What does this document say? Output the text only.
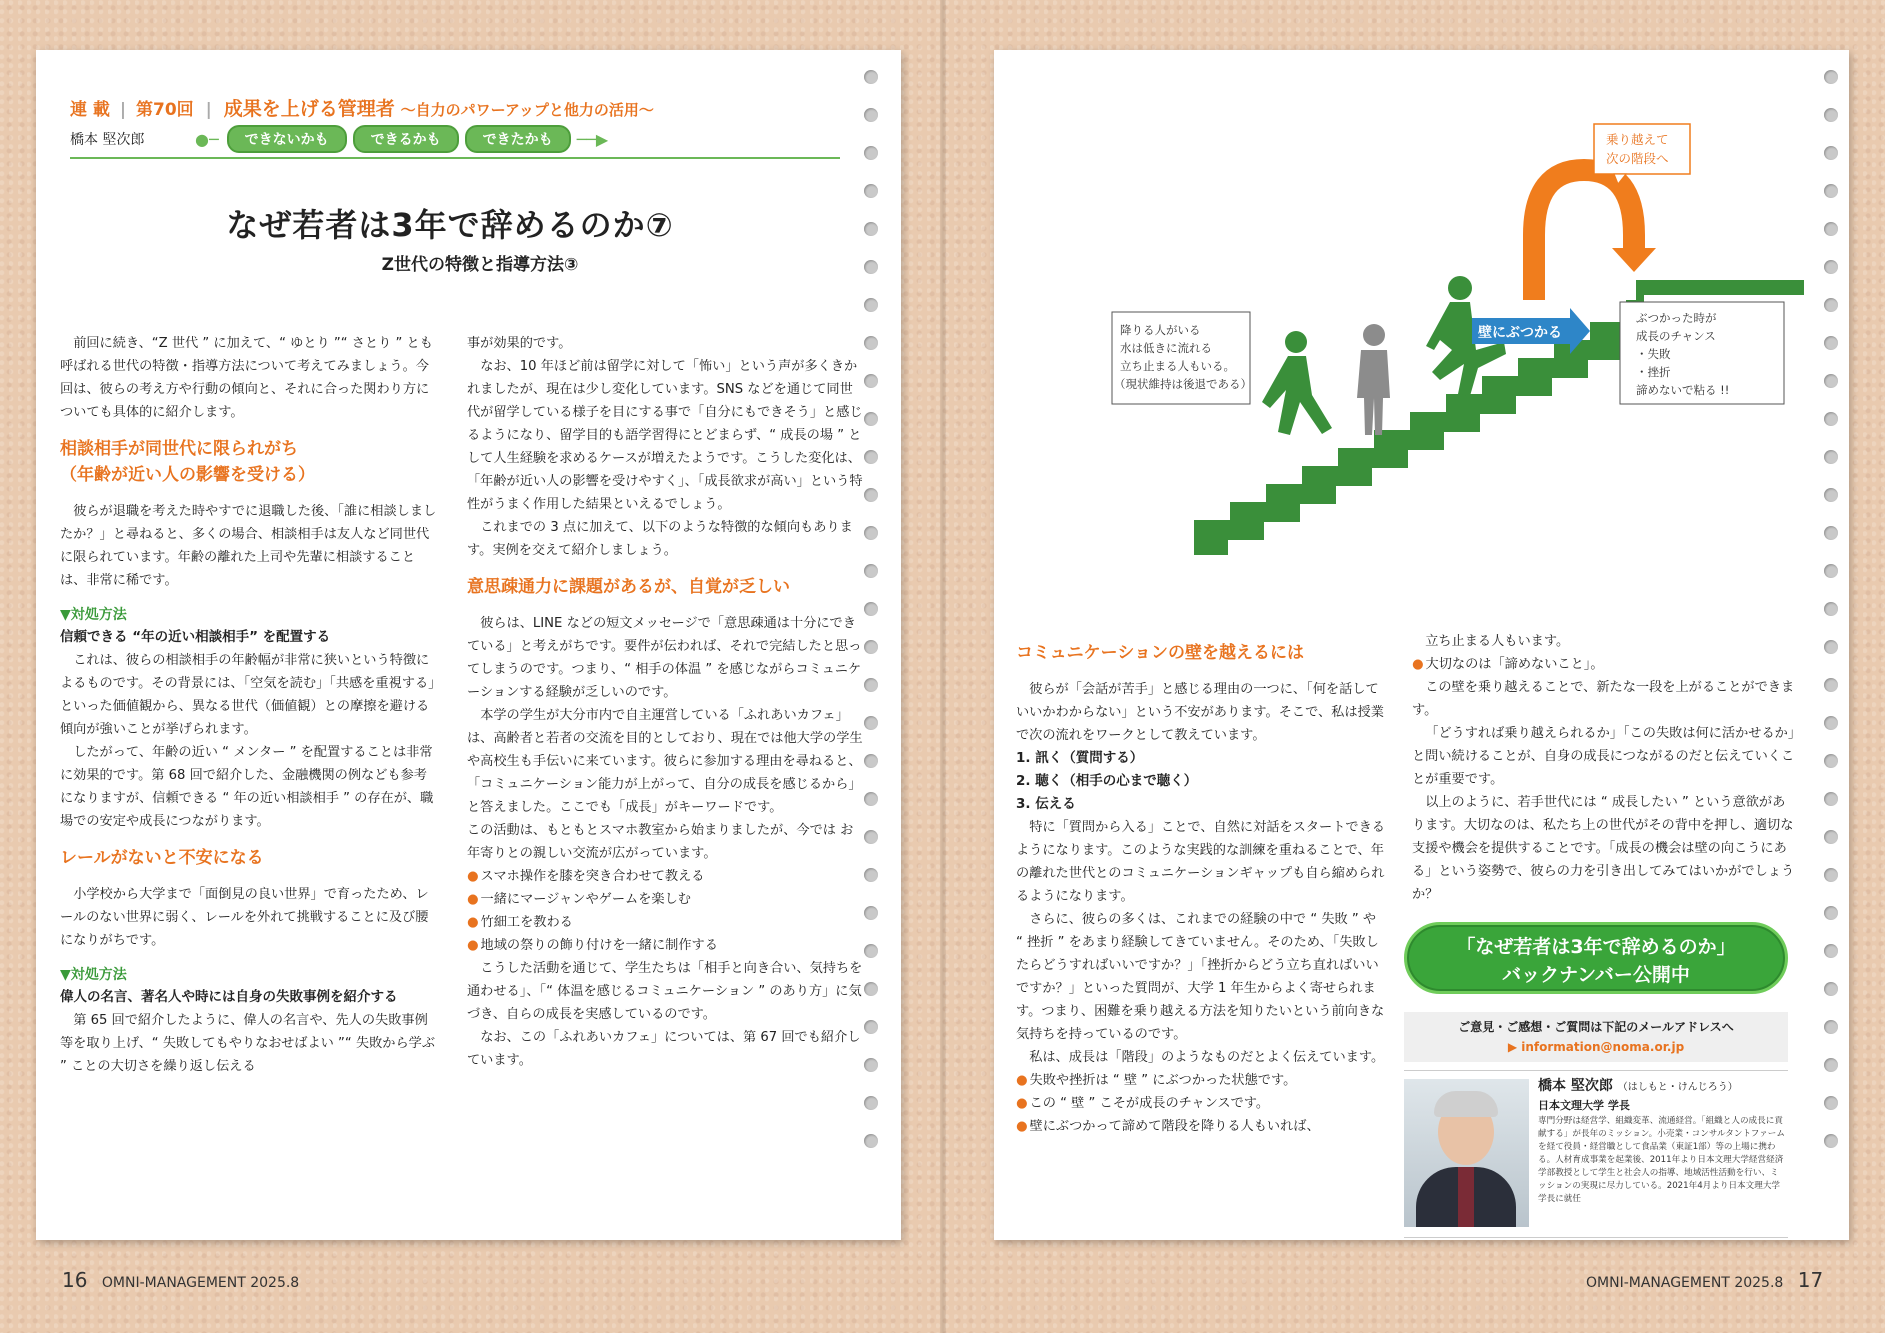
連 載 | 第70回 | 成果を上げる管理者 ～自力のパワーアップと他力の活用～
橋本 堅次郎	●─	できないかも	できるかも	できたかも	──▶
なぜ若者は3年で辞めるのか⑦
Z世代の特徴と指導方法③

前回に続き、“Z 世代 ” に加えて、“ ゆとり ”“ さとり ” とも呼ばれる世代の特徴・指導方法について考えてみましょう。今回は、彼らの考え方や行動の傾向と、それに合った関わり方についても具体的に紹介します。

相談相手が同世代に限られがち
（年齢が近い人の影響を受ける）

彼らが退職を考えた時やすでに退職した後、「誰に相談しましたか？」と尋ねると、多くの場合、相談相手は友人など同世代に限られています。年齢の離れた上司や先輩に相談することは、非常に稀です。

▼対処方法
信頼できる “年の近い相談相手” を配置する

これは、彼らの相談相手の年齢幅が非常に狭いという特徴によるものです。その背景には、「空気を読む」「共感を重視する」といった価値観から、異なる世代（価値観）との摩擦を避ける傾向が強いことが挙げられます。

したがって、年齢の近い “ メンター ” を配置することは非常に効果的です。第 68 回で紹介した、金融機関の例なども参考になりますが、信頼できる “ 年の近い相談相手 ” の存在が、職場での安定や成長につながります。

レールがないと不安になる

小学校から大学まで「面倒見の良い世界」で育ったため、レールのない世界に弱く、レールを外れて挑戦することに及び腰になりがちです。

▼対処方法
偉人の名言、著名人や時には自身の失敗事例を紹介する

第 65 回で紹介したように、偉人の名言や、先人の失敗事例等を取り上げ、“ 失敗してもやりなおせばよい ”“ 失敗から学ぶ ” ことの大切さを繰り返し伝える

事が効果的です。

なお、10 年ほど前は留学に対して「怖い」という声が多くきかれましたが、現在は少し変化しています。SNS などを通じて同世代が留学している様子を目にする事で「自分にもできそう」と感じるようになり、留学目的も語学習得にとどまらず、“ 成長の場 ” として人生経験を求めるケースが増えたようです。こうした変化は、「年齢が近い人の影響を受けやすく」、「成長欲求が高い」という特性がうまく作用した結果といえるでしょう。

これまでの 3 点に加えて、以下のような特徴的な傾向もあります。実例を交えて紹介しましょう。

意思疎通力に課題があるが、自覚が乏しい

彼らは、LINE などの短文メッセージで「意思疎通は十分にできている」と考えがちです。要件が伝われば、それで完結したと思ってしまうのです。つまり、“ 相手の体温 ” を感じながらコミュニケーションする経験が乏しいのです。

本学の学生が大分市内で自主運営している「ふれあいカフェ」は、高齢者と若者の交流を目的としており、現在では他大学の学生や高校生も手伝いに来ています。彼らに参加する理由を尋ねると、「コミュニケーション能力が上がって、自分の成長を感じるから」と答えました。ここでも「成長」がキーワードです。

この活動は、もともとスマホ教室から始まりましたが、今では お年寄りとの親しい交流が広がっています。

● スマホ操作を膝を突き合わせて教える
● 一緒にマージャンやゲームを楽しむ
● 竹細工を教わる
● 地域の祭りの飾り付けを一緒に制作する

こうした活動を通じて、学生たちは「相手と向き合い、気持ちを通わせる」、「“ 体温を感じるコミュニケーション ” のあり方」に気づき、自らの成長を実感しているのです。

なお、この「ふれあいカフェ」については、第 67 回でも紹介しています。

16 OMNI-MANAGEMENT 2025.8
壁にぶつかる
乗り越えて
次の階段へ
降りる人がいる
水は低きに流れる
立ち止まる人もいる。
（現状維持は後退である）
ぶつかった時が
成長のチャンス
・失敗
・挫折
諦めないで粘る !!
コミュニケーションの壁を越えるには

彼らが「会話が苦手」と感じる理由の一つに、「何を話していいかわからない」という不安があります。そこで、私は授業で次の流れをワークとして教えています。

1. 訊く（質問する）
2. 聴く（相手の心まで聴く）
3. 伝える

特に「質問から入る」ことで、自然に対話をスタートできるようになります。このような実践的な訓練を重ねることで、年の離れた世代とのコミュニケーションギャップも自ら縮められるようになります。

さらに、彼らの多くは、これまでの経験の中で “ 失敗 ” や “ 挫折 ” をあまり経験してきていません。そのため、「失敗したらどうすればいいですか？」「挫折からどう立ち直ればいいですか？」といった質問が、大学 1 年生からよく寄せられます。つまり、困難を乗り越える方法を知りたいという前向きな気持ちを持っているのです。

私は、成長は「階段」のようなものだとよく伝えています。

● 失敗や挫折は “ 壁 ” にぶつかった状態です。
● この “ 壁 ” こそが成長のチャンスです。
● 壁にぶつかって諦めて階段を降りる人もいれば、

立ち止まる人もいます。

● 大切なのは「諦めないこと」。

この壁を乗り越えることで、新たな一段を上がることができます。

「どうすれば乗り越えられるか」「この失敗は何に活かせるか」と問い続けることが、自身の成長につながるのだと伝えていくことが重要です。

以上のように、若手世代には “ 成長したい ” という意欲があります。大切なのは、私たち上の世代がその背中を押し、適切な支援や機会を提供することです。「成長の機会は壁の向こうにある」という姿勢で、彼らの力を引き出してみてはいかがでしょうか？

「なぜ若者は3年で辞めるのか」
バックナンバー公開中
ご意見・ご感想・ご質問は下記のメールアドレスへ
▶ information@noma.or.jp
橋本 堅次郎 （はしもと・けんじろう）
日本文理大学 学長
専門分野は経営学、組織変革、流通経営。「組織と人の成長に貢献する」が長年のミッション。小売業・コンサルタントファームを経て役員・経営職として食品業（東証1部）等の上場に携わる。人材育成事業を起業後、2011年より日本文理大学経営経済学部教授として学生と社会人の指導、地域活性活動を行い、ミッションの実現に尽力している。2021年4月より日本文理大学学長に就任
OMNI-MANAGEMENT 2025.8 17
